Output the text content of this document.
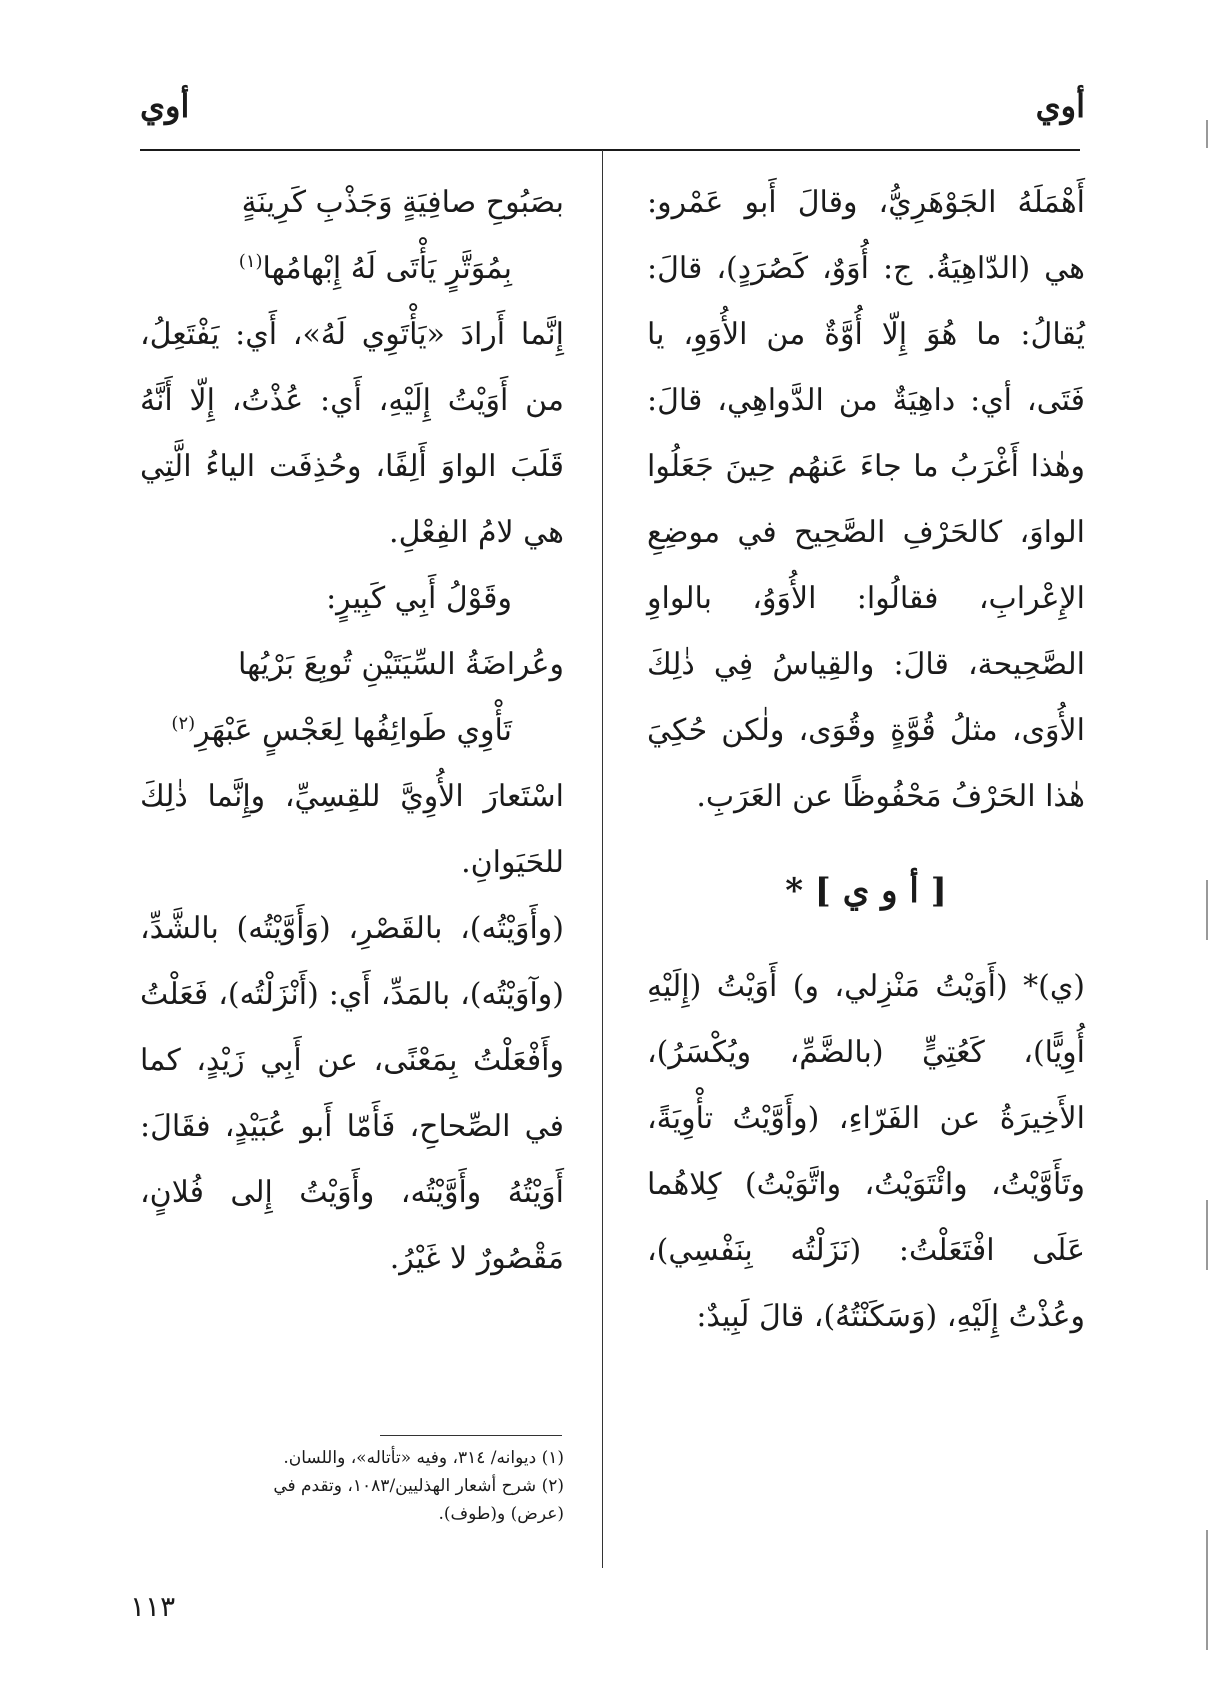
أوي
أوي

أَهْمَلَهُ الجَوْهَرِيُّ، وقالَ أَبو عَمْرو: هي (الدّاهِيَةُ. ج: أُوَوٌ، كَصُرَدٍ)، قالَ: يُقالُ: ما هُوَ إِلّا أُوَّةٌ من الأُوَوِ، يا فَتَى، أي: داهِيَةٌ من الدَّواهِي، قالَ: وهٰذا أَغْرَبُ ما جاءَ عَنهُم حِينَ جَعَلُوا الواوَ، كالحَرْفِ الصَّحِيح في موضِعِ الإِعْرابِ، فقالُوا: الأُوَوُ، بالواوِ الصَّحِيحة، قالَ: والقِياسُ فِي ذٰلِكَ الأُوَى، مثلُ قُوَّةٍ وقُوَى، ولٰكن حُكِيَ هٰذا الحَرْفُ مَحْفُوظًا عن العَرَبِ.

[ أ و ي ] *

(ي)* (أَوَيْتُ مَنْزِلي، و) أَوَيْتُ (إِلَيْهِ أُوِيًّا)، كَعُتِيٍّ (بالضَّمِّ، ويُكْسَرُ)، الأَخِيرَةُ عن الفَرّاءِ، (وأَوَّيْتُ تأْوِيَةً، وتَأَوَّيْتُ، وائْتَوَيْتُ، واتَّوَيْتُ) كِلاهُما عَلَى افْتَعَلْتُ: (نَزَلْتُه بِنَفْسِي)، وعُذْتُ إِلَيْهِ، (وَسَكَنْتُهُ)، قالَ لَبِيدٌ:

بصَبُوحِ صافِيَةٍ وَجَذْبِ كَرِينَةٍ

بِمُوَتَّرٍ يَأْتَى لَهُ إِبْهامُها$^{(١)}$

إِنَّما أَرادَ «يَأْتَوِي لَهُ»، أَي: يَفْتَعِلُ، من أَوَيْتُ إِلَيْهِ، أَي: عُذْتُ، إِلّا أَنَّهُ قَلَبَ الواوَ أَلِفًا، وحُذِفَت الياءُ الَّتِي هي لامُ الفِعْلِ.

وقَوْلُ أَبِي كَبِيرٍ:

وعُراضَةُ السِّيَتَيْنِ تُوبِعَ بَرْيُها

تَأْوِي طَوائِفُها لِعَجْسٍ عَبْهَرِ$^{(٢)}$

اسْتَعارَ الأُوِيَّ للقِسِيِّ، وإِنَّما ذٰلِكَ للحَيَوانِ.

(وأَوَيْتُه)، بالقَصْرِ، (وَأَوَّيْتُه) بالشَّدِّ، (وآوَيْتُه)، بالمَدِّ، أَي: (أَنْزَلْتُه)، فَعَلْتُ وأَفْعَلْتُ بِمَعْنًى، عن أَبِي زَيْدٍ، كما في الصِّحاحِ، فَأَمّا أَبو عُبَيْدٍ، فقَالَ: أَوَيْتُهُ وأَوَّيْتُه، وأَوَيْتُ إِلى فُلانٍ، مَقْصُورٌ لا غَيْرُ.

(١) ديوانه/ ٣١٤، وفيه «تأتاله»، واللسان.

(٢) شرح أشعار الهذليين/١٠٨٣، وتقدم في

(عرض) و(طوف).

١١٣
